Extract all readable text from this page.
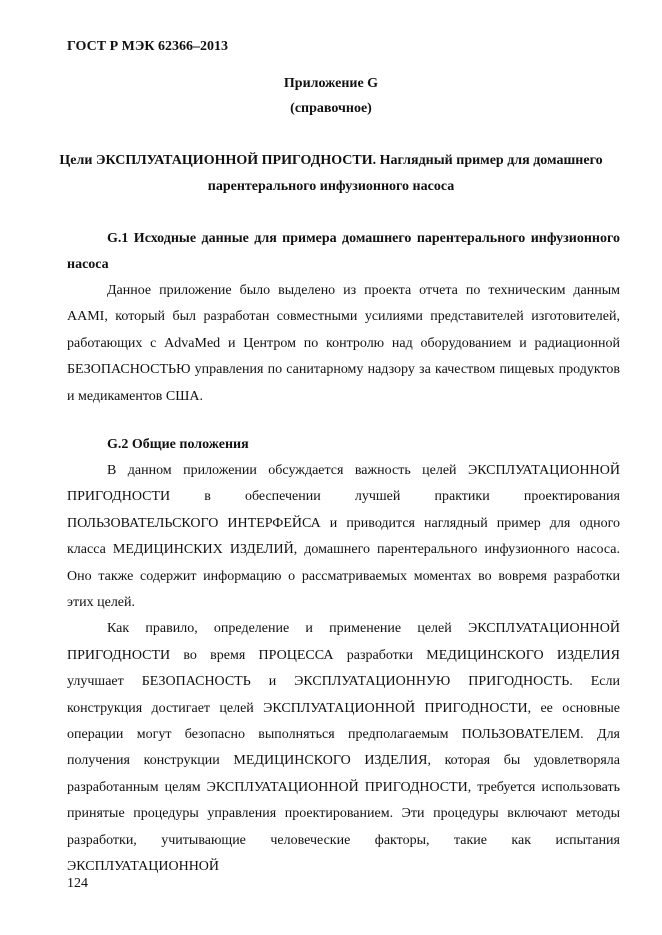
ГОСТ Р МЭК 62366–2013
Приложение G
(справочное)
Цели ЭКСПЛУАТАЦИОННОЙ ПРИГОДНОСТИ. Наглядный пример для домашнего
парентерального инфузионного насоса
G.1 Исходные данные для примера домашнего парентерального инфузионного насоса

Данное приложение было выделено из проекта отчета по техническим данным AAMI, который был разработан совместными усилиями представителей изготовителей, работающих с AdvaMed и Центром по контролю над оборудованием и радиационной БЕЗОПАСНОСТЬЮ управления по санитарному надзору за качеством пищевых продуктов и медикаментов США.

G.2 Общие положения

В данном приложении обсуждается важность целей ЭКСПЛУАТАЦИОННОЙ ПРИГОДНОСТИ в обеспечении лучшей практики проектирования ПОЛЬЗОВАТЕЛЬСКОГО ИНТЕРФЕЙСА и приводится наглядный пример для одного класса МЕДИЦИНСКИХ ИЗДЕЛИЙ, домашнего парентерального инфузионного насоса. Оно также содержит информацию о рассматриваемых моментах во вовремя разработки этих целей.

Как правило, определение и применение целей ЭКСПЛУАТАЦИОННОЙ ПРИГОДНОСТИ во время ПРОЦЕССА разработки МЕДИЦИНСКОГО ИЗДЕЛИЯ улучшает БЕЗОПАСНОСТЬ и ЭКСПЛУАТАЦИОННУЮ ПРИГОДНОСТЬ. Если конструкция достигает целей ЭКСПЛУАТАЦИОННОЙ ПРИГОДНОСТИ, ее основные операции могут безопасно выполняться предполагаемым ПОЛЬЗОВАТЕЛЕМ. Для получения конструкции МЕДИЦИНСКОГО ИЗДЕЛИЯ, которая бы удовлетворяла разработанным целям ЭКСПЛУАТАЦИОННОЙ ПРИГОДНОСТИ, требуется использовать принятые процедуры управления проектированием. Эти процедуры включают методы разработки, учитывающие человеческие факторы, такие как испытания ЭКСПЛУАТАЦИОННОЙ

124
